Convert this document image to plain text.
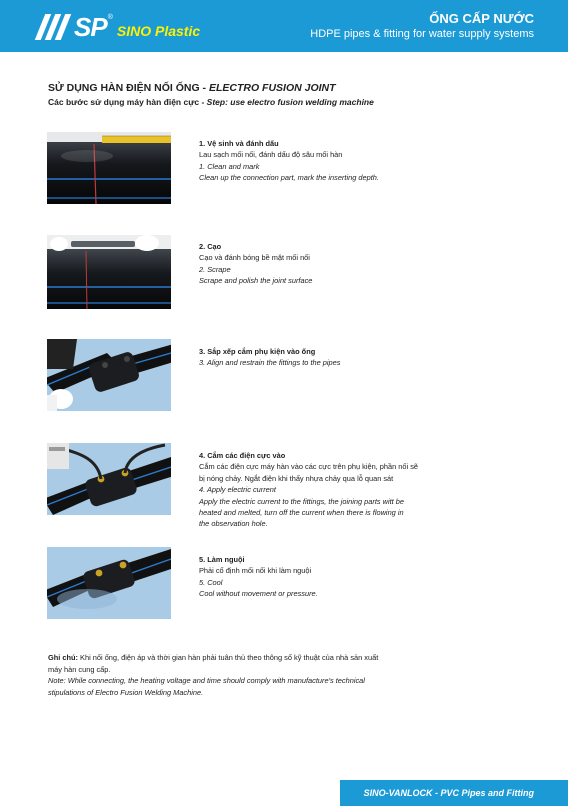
SP ®
SINO Plastic
ỐNG CẤP NƯỚC
HDPE pipes & fitting for water supply systems
SỬ DỤNG HÀN ĐIỆN NỐI ỐNG - ELECTRO FUSION JOINT
Các bước sử dụng máy hàn điện cực - Step: use electro fusion welding machine
1. Vệ sinh và đánh dấu
Lau sạch mối nối, đánh dấu độ sâu mối hàn
1. Clean and mark
Clean up the connection part, mark the inserting depth.
2. Cạo
Cạo và đánh bóng bề mặt mối nối
2. Scrape
Scrape and polish the joint surface
3. Sắp xếp cắm phụ kiện vào ống
3. Align and restrain the fittings to the pipes
4. Cắm các điện cực vào
Cắm các điện cực máy hàn vào các cực trên phụ kiện, phần nối sẽ
bị nóng chảy. Ngắt điện khi thấy nhựa chảy qua lỗ quan sát
4. Apply electric current
Apply the electric current to the fittings, the joining parts witt be
heated and melted, turn off the current when there is flowing in
the observation hole.
5. Làm nguội
Phải cố định mối nối khi làm nguội
5. Cool
Cool without movement or pressure.
Ghi chú: Khi nối ống, điện áp và thời gian hàn phải tuân thủ theo thông số kỹ thuật của nhà sản xuất
máy hàn cung cấp.
Note: While connecting, the heating voltage and time should comply with manufacture's technical
stipulations of Electro Fusion Welding Machine.
SINO-VANLOCK - PVC Pipes and Fitting
